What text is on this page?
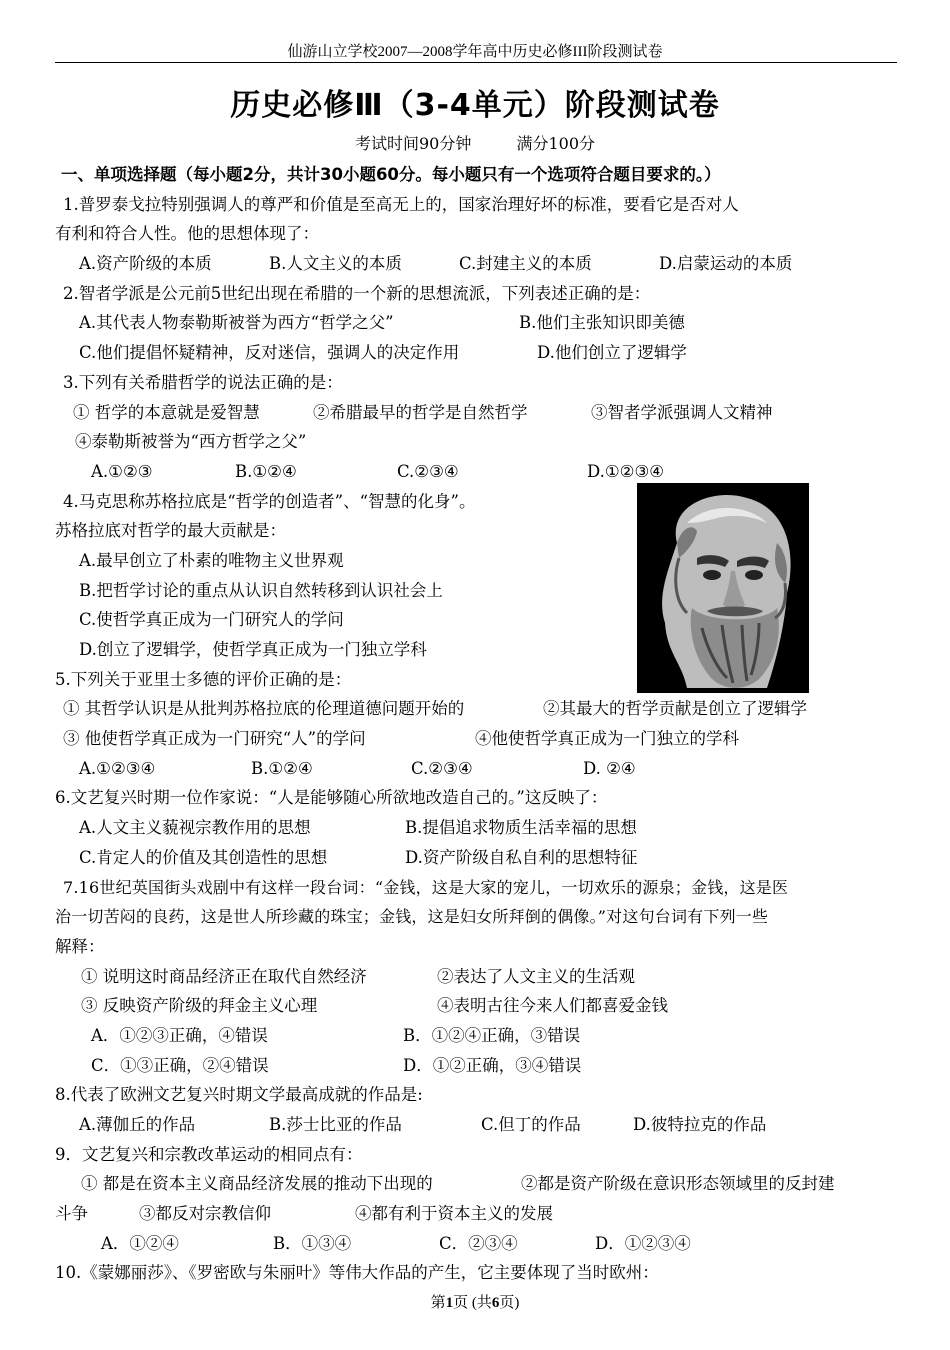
仙游山立学校2007—2008学年高中历史必修III阶段测试卷
历史必修Ⅲ（3-4单元）阶段测试卷
考试时间90分钟	满分100分
一、单项选择题（每小题2分，共计30小题60分。每小题只有一个选项符合题目要求的。）
1.普罗泰戈拉特别强调人的尊严和价值是至高无上的，国家治理好坏的标准，要看它是否对人
有利和符合人性。他的思想体现了：
A.资产阶级的本质	B.人文主义的本质	C.封建主义的本质	D.启蒙运动的本质
2.智者学派是公元前5世纪出现在希腊的一个新的思想流派，下列表述正确的是：
A.其代表人物泰勒斯被誉为西方“哲学之父”	B.他们主张知识即美德
C.他们提倡怀疑精神，反对迷信，强调人的决定作用	D.他们创立了逻辑学
3.下列有关希腊哲学的说法正确的是：
① 哲学的本意就是爱智慧	②希腊最早的哲学是自然哲学	③智者学派强调人文精神
④泰勒斯被誉为“西方哲学之父”
A.①②③	B.①②④	C.②③④	D.①②③④
4.马克思称苏格拉底是“哲学的创造者”、“智慧的化身”。
苏格拉底对哲学的最大贡献是：
A.最早创立了朴素的唯物主义世界观
B.把哲学讨论的重点从认识自然转移到认识社会上
C.使哲学真正成为一门研究人的学问
D.创立了逻辑学，使哲学真正成为一门独立学科
5.下列关于亚里士多德的评价正确的是：
① 其哲学认识是从批判苏格拉底的伦理道德问题开始的	②其最大的哲学贡献是创立了逻辑学
③ 他使哲学真正成为一门研究“人”的学问	④他使哲学真正成为一门独立的学科
A.①②③④	B.①②④	C.②③④	D. ②④
6.文艺复兴时期一位作家说：“人是能够随心所欲地改造自己的。”这反映了：
A.人文主义藐视宗教作用的思想	B.提倡追求物质生活幸福的思想
C.肯定人的价值及其创造性的思想	D.资产阶级自私自利的思想特征
7.16世纪英国街头戏剧中有这样一段台词：“金钱，这是大家的宠儿，一切欢乐的源泉；金钱，这是医
治一切苦闷的良药，这是世人所珍藏的珠宝；金钱，这是妇女所拜倒的偶像。”对这句台词有下列一些
解释：
① 说明这时商品经济正在取代自然经济	②表达了人文主义的生活观
③ 反映资产阶级的拜金主义心理	④表明古往今来人们都喜爱金钱
A．①②③正确，④错误	B．①②④正确，③错误
C．①③正确，②④错误	D．①②正确，③④错误
8.代表了欧洲文艺复兴时期文学最高成就的作品是:
A.薄伽丘的作品	B.莎士比亚的作品	C.但丁的作品	D.彼特拉克的作品
9．文艺复兴和宗教改革运动的相同点有：
① 都是在资本主义商品经济发展的推动下出现的	②都是资产阶级在意识形态领域里的反封建
斗争	③都反对宗教信仰	④都有利于资本主义的发展
A．①②④	B．①③④	C．②③④	D．①②③④
10.《蒙娜丽莎》、《罗密欧与朱丽叶》等伟大作品的产生，它主要体现了当时欧州：
第1页 (共6页)
